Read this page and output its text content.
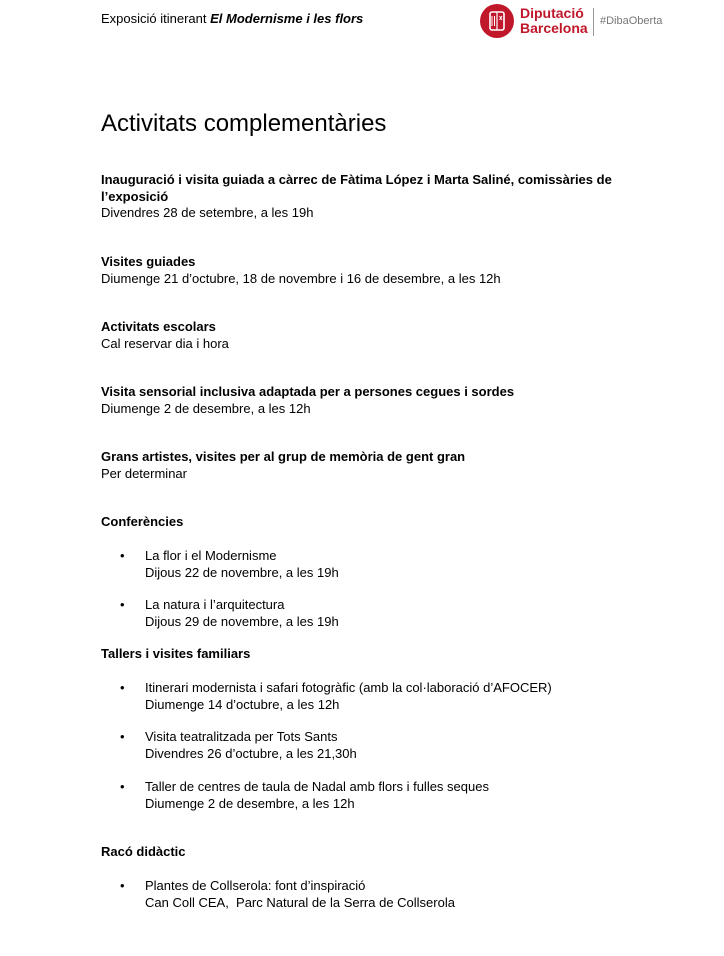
Exposició itinerant El Modernisme i les flors	Diputació
Barcelona #DibaOberta
Activitats complementàries
Inauguració i visita guiada a càrrec de Fàtima López i Marta Saliné, comissàries de l’exposició
Divendres 28 de setembre, a les 19h
Visites guiades
Diumenge 21 d’octubre, 18 de novembre i 16 de desembre, a les 12h
Activitats escolars
Cal reservar dia i hora
Visita sensorial inclusiva adaptada per a persones cegues i sordes
Diumenge 2 de desembre, a les 12h
Grans artistes, visites per al grup de memòria de gent gran
Per determinar
Conferències
• La flor i el Modernisme
Dijous 22 de novembre, a les 19h
• La natura i l’arquitectura
Dijous 29 de novembre, a les 19h
Tallers i visites familiars
• Itinerari modernista i safari fotogràfic (amb la col·laboració d’AFOCER)
Diumenge 14 d’octubre, a les 12h
• Visita teatralitzada per Tots Sants
Divendres 26 d’octubre, a les 21,30h
• Taller de centres de taula de Nadal amb flors i fulles seques
Diumenge 2 de desembre, a les 12h
Racó didàctic
• Plantes de Collserola: font d’inspiració
Can Coll CEA,  Parc Natural de la Serra de Collserola
